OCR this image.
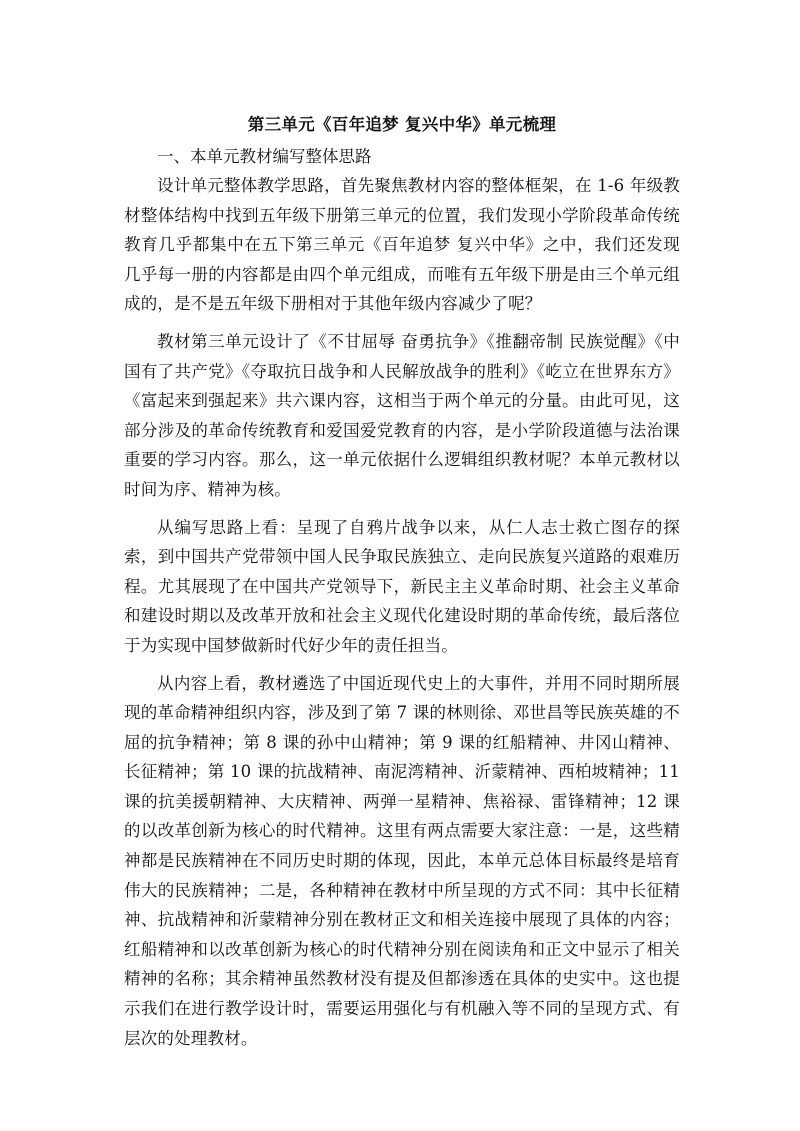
第三单元《百年追梦 复兴中华》单元梳理

一、本单元教材编写整体思路

设计单元整体教学思路，首先聚焦教材内容的整体框架，在 1-6 年级教材整体结构中找到五年级下册第三单元的位置，我们发现小学阶段革命传统教育几乎都集中在五下第三单元《百年追梦 复兴中华》之中，我们还发现几乎每一册的内容都是由四个单元组成，而唯有五年级下册是由三个单元组成的，是不是五年级下册相对于其他年级内容减少了呢？

教材第三单元设计了《不甘屈辱 奋勇抗争》《推翻帝制 民族觉醒》《中国有了共产党》《夺取抗日战争和人民解放战争的胜利》《屹立在世界东方》《富起来到强起来》共六课内容，这相当于两个单元的分量。由此可见，这部分涉及的革命传统教育和爱国爱党教育的内容，是小学阶段道德与法治课重要的学习内容。那么，这一单元依据什么逻辑组织教材呢？本单元教材以时间为序、精神为核。

从编写思路上看：呈现了自鸦片战争以来，从仁人志士救亡图存的探索，到中国共产党带领中国人民争取民族独立、走向民族复兴道路的艰难历程。尤其展现了在中国共产党领导下，新民主主义革命时期、社会主义革命和建设时期以及改革开放和社会主义现代化建设时期的革命传统，最后落位于为实现中国梦做新时代好少年的责任担当。

从内容上看，教材遴选了中国近现代史上的大事件，并用不同时期所展现的革命精神组织内容，涉及到了第 7 课的林则徐、邓世昌等民族英雄的不屈的抗争精神；第 8 课的孙中山精神；第 9 课的红船精神、井冈山精神、长征精神；第 10 课的抗战精神、南泥湾精神、沂蒙精神、西柏坡精神；11 课的抗美援朝精神、大庆精神、两弹一星精神、焦裕禄、雷锋精神；12 课的以改革创新为核心的时代精神。这里有两点需要大家注意：一是，这些精神都是民族精神在不同历史时期的体现，因此，本单元总体目标最终是培育伟大的民族精神；二是，各种精神在教材中所呈现的方式不同：其中长征精神、抗战精神和沂蒙精神分别在教材正文和相关连接中展现了具体的内容；红船精神和以改革创新为核心的时代精神分别在阅读角和正文中显示了相关精神的名称；其余精神虽然教材没有提及但都渗透在具体的史实中。这也提示我们在进行教学设计时，需要运用强化与有机融入等不同的呈现方式、有层次的处理教材。
